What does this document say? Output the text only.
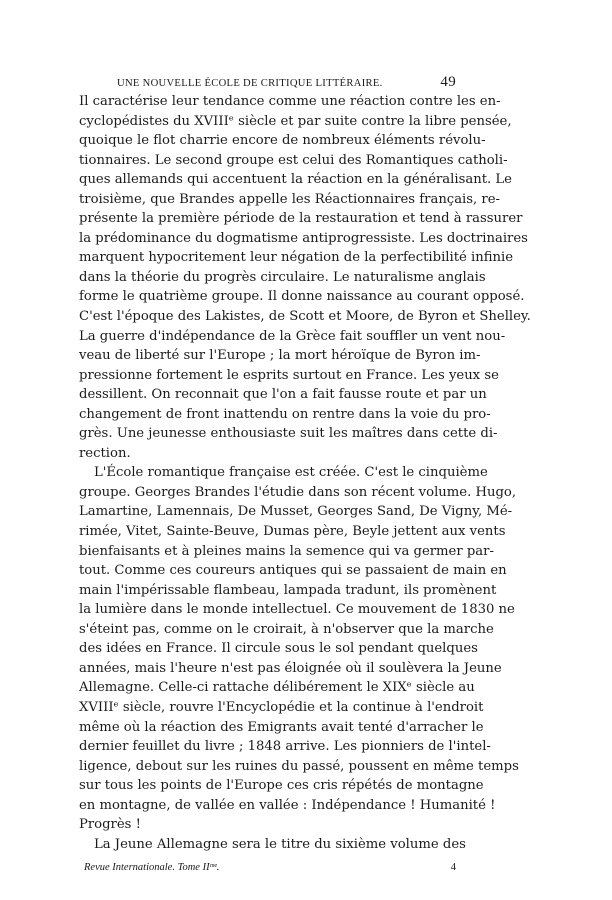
UNE NOUVELLE ÉCOLE DE CRITIQUE LITTÉRAIRE.	49

Il caractérise leur tendance comme une réaction contre les en-
cyclopédistes du XVIIIᵉ siècle et par suite contre la libre pensée,
quoique le flot charrie encore de nombreux éléments révolu-
tionnaires. Le second groupe est celui des Romantiques catholi-
ques allemands qui accentuent la réaction en la généralisant. Le
troisième, que Brandes appelle les Réactionnaires français, re-
présente la première période de la restauration et tend à rassurer
la prédominance du dogmatisme antiprogressiste. Les doctrinaires
marquent hypocritement leur négation de la perfectibilité infinie
dans la théorie du progrès circulaire. Le naturalisme anglais
forme le quatrième groupe. Il donne naissance au courant opposé.
C'est l'époque des Lakistes, de Scott et Moore, de Byron et Shelley.
La guerre d'indépendance de la Grèce fait souffler un vent nou-
veau de liberté sur l'Europe ; la mort héroïque de Byron im-
pressionne fortement le esprits surtout en France. Les yeux se
dessillent. On reconnait que l'on a fait fausse route et par un
changement de front inattendu on rentre dans la voie du pro-
grès. Une jeunesse enthousiaste suit les maîtres dans cette di-
rection.

L'École romantique française est créée. C'est le cinquième
groupe. Georges Brandes l'étudie dans son récent volume. Hugo,
Lamartine, Lamennais, De Musset, Georges Sand, De Vigny, Mé-
rimée, Vitet, Sainte-Beuve, Dumas père, Beyle jettent aux vents
bienfaisants et à pleines mains la semence qui va germer par-
tout. Comme ces coureurs antiques qui se passaient de main en
main l'impérissable flambeau, lampada tradunt, ils promènent
la lumière dans le monde intellectuel. Ce mouvement de 1830 ne
s'éteint pas, comme on le croirait, à n'observer que la marche
des idées en France. Il circule sous le sol pendant quelques
années, mais l'heure n'est pas éloignée où il soulèvera la Jeune
Allemagne. Celle-ci rattache délibérement le XIXᵉ siècle au
XVIIIᵉ siècle, rouvre l'Encyclopédie et la continue à l'endroit
même où la réaction des Emigrants avait tenté d'arracher le
dernier feuillet du livre ; 1848 arrive. Les pionniers de l'intel-
ligence, debout sur les ruines du passé, poussent en même temps
sur tous les points de l'Europe ces cris répétés de montagne
en montagne, de vallée en vallée : Indépendance ! Humanité !
Progrès !

La Jeune Allemagne sera le titre du sixième volume des

Revue Internationale. Tome IIᵐᵉ.	4
